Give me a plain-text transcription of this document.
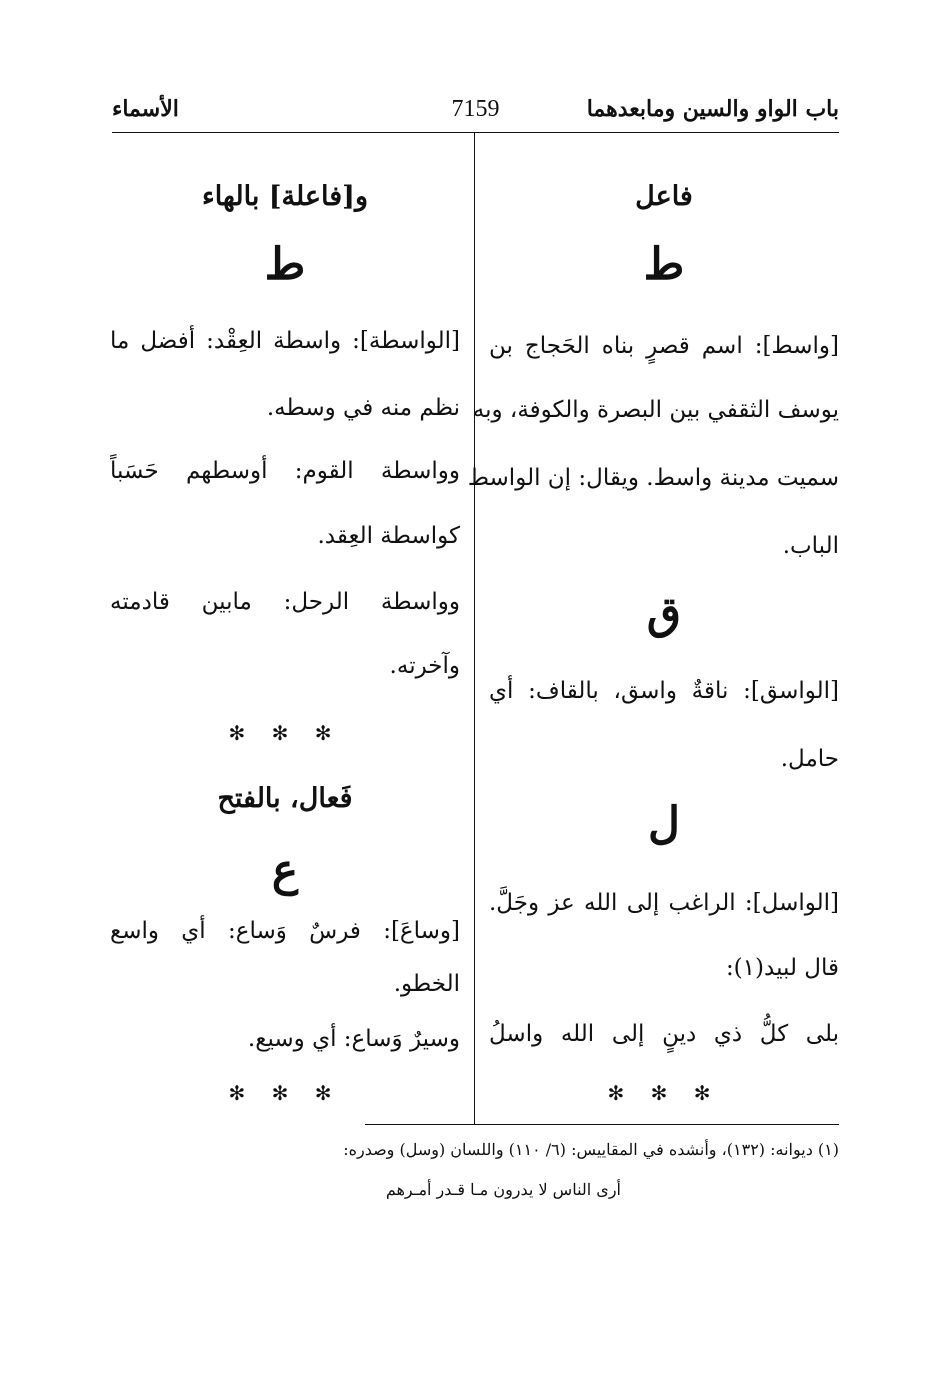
باب الواو والسين ومابعدهما
7159
الأسماء

فاعل

ط

[واسط]: اسم قصرٍ بناه الحَجاج بن

يوسف الثقفي بين البصرة والكوفة، وبه

سميت مدينة واسط. ويقال: إن الواسط

الباب.

ق

[الواسق]: ناقةٌ واسق، بالقاف: أي

حامل.

ل

[الواسل]: الراغب إلى الله عز وجَلَّ.

قال لبيد(١):

بلى كلُّ ذي دينٍ إلى الله واسلُ

✻ ✻ ✻

و[فاعلة] بالهاء

ط

[الواسطة]: واسطة العِقْد: أفضل ما

نظم منه في وسطه.

وواسطة القوم: أوسطهم حَسَباً

كواسطة العِقد.

وواسطة الرحل: مابين قادمته

وآخرته.

✻ ✻ ✻

فَعال، بالفتح

ع

[وساعَ]: فرسٌ وَساع: أي واسع

الخطو.

وسيرٌ وَساع: أي وسيع.

✻ ✻ ✻

(١) ديوانه: (١٣٢)، وأنشده في المقاييس: (٦/ ١١٠) واللسان (وسل) وصدره:
أرى الناس لا يدرون مـا قـدر أمـرهم
